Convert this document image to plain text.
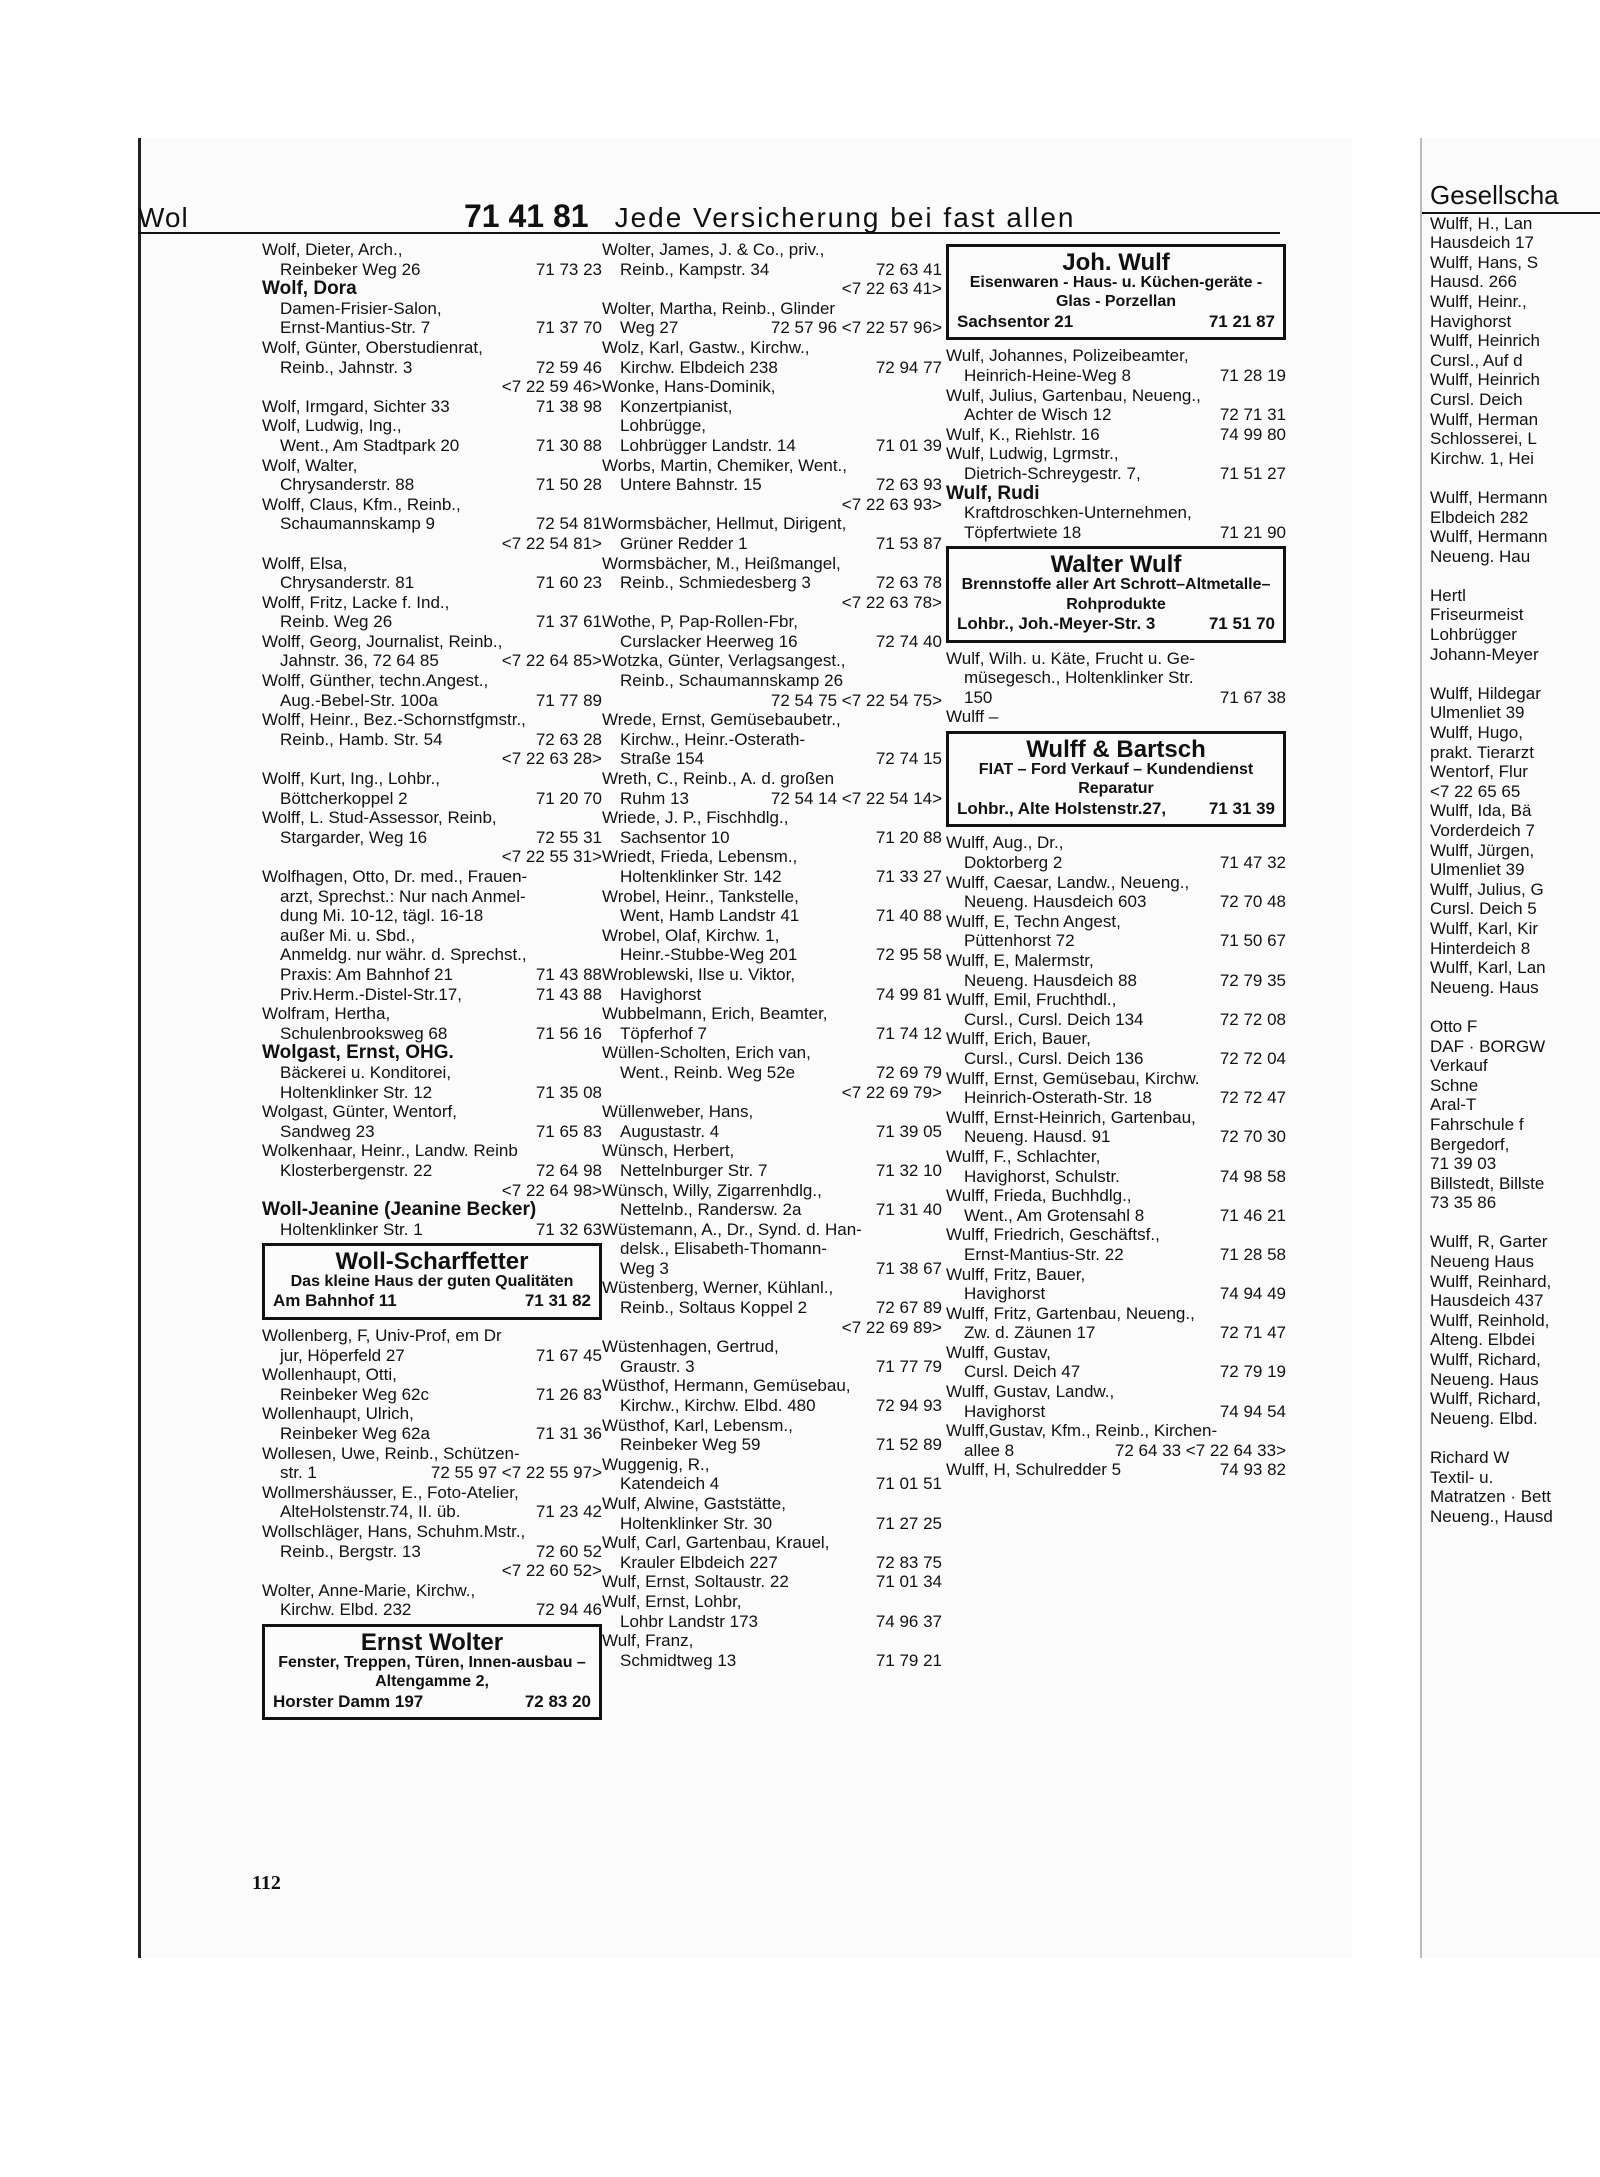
Wol	71 41 81 Jede Versicherung bei fast allen
Wolf, Dieter, Arch.,
Reinbeker Weg 26	71 73 23
Wolf, Dora
Damen-Frisier-Salon,
Ernst-Mantius-Str. 7	71 37 70
Wolf, Günter, Oberstudienrat,
Reinb., Jahnstr. 3	72 59 46
<7 22 59 46>
Wolf, Irmgard, Sichter 33	71 38 98
Wolf, Ludwig, Ing.,
Went., Am Stadtpark 20	71 30 88
Wolf, Walter,
Chrysanderstr. 88	71 50 28
Wolff, Claus, Kfm., Reinb.,
Schaumannskamp 9	72 54 81
<7 22 54 81>
Wolff, Elsa,
Chrysanderstr. 81	71 60 23
Wolff, Fritz, Lacke f. Ind.,
Reinb. Weg 26	71 37 61
Wolff, Georg, Journalist, Reinb.,
Jahnstr. 36, 72 64 85	<7 22 64 85>
Wolff, Günther, techn.Angest.,
Aug.-Bebel-Str. 100a	71 77 89
Wolff, Heinr., Bez.-Schornstfgmstr.,
Reinb., Hamb. Str. 54	72 63 28
<7 22 63 28>
Wolff, Kurt, Ing., Lohbr.,
Böttcherkoppel 2	71 20 70
Wolff, L. Stud-Assessor, Reinb,
Stargarder, Weg 16	72 55 31
<7 22 55 31>
Wolfhagen, Otto, Dr. med., Frauen-
arzt, Sprechst.: Nur nach Anmel-
dung Mi. 10-12, tägl. 16-18
außer Mi. u. Sbd.,
Anmeldg. nur währ. d. Sprechst.,
Praxis: Am Bahnhof 21	71 43 88
Priv.Herm.-Distel-Str.17,	71 43 88
Wolfram, Hertha,
Schulenbrooksweg 68	71 56 16
Wolgast, Ernst, OHG.
Bäckerei u. Konditorei,
Holtenklinker Str. 12	71 35 08
Wolgast, Günter, Wentorf,
Sandweg 23	71 65 83
Wolkenhaar, Heinr., Landw. Reinb
Klosterbergenstr. 22	72 64 98
<7 22 64 98>
Woll-Jeanine (Jeanine Becker)
Holtenklinker Str. 1	71 32 63
Woll-Scharffetter
Das kleine Haus der guten Qualitäten
Am Bahnhof 11	71 31 82
Wollenberg, F, Univ-Prof, em Dr
jur, Höperfeld 27	71 67 45
Wollenhaupt, Otti,
Reinbeker Weg 62c	71 26 83
Wollenhaupt, Ulrich,
Reinbeker Weg 62a	71 31 36
Wollesen, Uwe, Reinb., Schützen-
str. 1	72 55 97 <7 22 55 97>
Wollmershäusser, E., Foto-Atelier,
AlteHolstenstr.74, II. üb.	71 23 42
Wollschläger, Hans, Schuhm.Mstr.,
Reinb., Bergstr. 13	72 60 52
<7 22 60 52>
Wolter, Anne-Marie, Kirchw.,
Kirchw. Elbd. 232	72 94 46
Ernst Wolter
Fenster, Treppen, Türen, Innen-ausbau – Altengamme 2,
Horster Damm 197	72 83 20
Wolter, James, J. & Co., priv.,
Reinb., Kampstr. 34	72 63 41
<7 22 63 41>
Wolter, Martha, Reinb., Glinder
Weg 27	72 57 96 <7 22 57 96>
Wolz, Karl, Gastw., Kirchw.,
Kirchw. Elbdeich 238	72 94 77
Wonke, Hans-Dominik,
Konzertpianist,
Lohbrügge,
Lohbrügger Landstr. 14	71 01 39
Worbs, Martin, Chemiker, Went.,
Untere Bahnstr. 15	72 63 93
<7 22 63 93>
Wormsbächer, Hellmut, Dirigent,
Grüner Redder 1	71 53 87
Wormsbächer, M., Heißmangel,
Reinb., Schmiedesberg 3	72 63 78
<7 22 63 78>
Wothe, P, Pap-Rollen-Fbr,
Curslacker Heerweg 16	72 74 40
Wotzka, Günter, Verlagsangest.,
Reinb., Schaumannskamp 26
72 54 75 <7 22 54 75>
Wrede, Ernst, Gemüsebaubetr.,
Kirchw., Heinr.-Osterath-
Straße 154	72 74 15
Wreth, C., Reinb., A. d. großen
Ruhm 13	72 54 14 <7 22 54 14>
Wriede, J. P., Fischhdlg.,
Sachsentor 10	71 20 88
Wriedt, Frieda, Lebensm.,
Holtenklinker Str. 142	71 33 27
Wrobel, Heinr., Tankstelle,
Went, Hamb Landstr 41	71 40 88
Wrobel, Olaf, Kirchw. 1,
Heinr.-Stubbe-Weg 201	72 95 58
Wroblewski, Ilse u. Viktor,
Havighorst	74 99 81
Wubbelmann, Erich, Beamter,
Töpferhof 7	71 74 12
Wüllen-Scholten, Erich van,
Went., Reinb. Weg 52e	72 69 79
<7 22 69 79>
Wüllenweber, Hans,
Augustastr. 4	71 39 05
Wünsch, Herbert,
Nettelnburger Str. 7	71 32 10
Wünsch, Willy, Zigarrenhdlg.,
Nettelnb., Randersw. 2a	71 31 40
Wüstemann, A., Dr., Synd. d. Han-
delsk., Elisabeth-Thomann-
Weg 3	71 38 67
Wüstenberg, Werner, Kühlanl.,
Reinb., Soltaus Koppel 2	72 67 89
<7 22 69 89>
Wüstenhagen, Gertrud,
Graustr. 3	71 77 79
Wüsthof, Hermann, Gemüsebau,
Kirchw., Kirchw. Elbd. 480	72 94 93
Wüsthof, Karl, Lebensm.,
Reinbeker Weg 59	71 52 89
Wuggenig, R.,
Katendeich 4	71 01 51
Wulf, Alwine, Gaststätte,
Holtenklinker Str. 30	71 27 25
Wulf, Carl, Gartenbau, Krauel,
Krauler Elbdeich 227	72 83 75
Wulf, Ernst, Soltaustr. 22	71 01 34
Wulf, Ernst, Lohbr,
Lohbr Landstr 173	74 96 37
Wulf, Franz,
Schmidtweg 13	71 79 21
Joh. Wulf
Eisenwaren - Haus- u. Küchen-geräte - Glas - Porzellan
Sachsentor 21	71 21 87
Wulf, Johannes, Polizeibeamter,
Heinrich-Heine-Weg 8	71 28 19
Wulf, Julius, Gartenbau, Neueng.,
Achter de Wisch 12	72 71 31
Wulf, K., Riehlstr. 16	74 99 80
Wulf, Ludwig, Lgrmstr.,
Dietrich-Schreygestr. 7,	71 51 27
Wulf, Rudi
Kraftdroschken-Unternehmen,
Töpfertwiete 18	71 21 90
Walter Wulf
Brennstoffe aller Art Schrott–Altmetalle–Rohprodukte
Lohbr., Joh.-Meyer-Str. 3	71 51 70
Wulf, Wilh. u. Käte, Frucht u. Ge-
müsegesch., Holtenklinker Str.
150	71 67 38
Wulff –
Wulff & Bartsch
FIAT – Ford Verkauf – Kundendienst Reparatur
Lohbr., Alte Holstenstr.27,	71 31 39
Wulff, Aug., Dr.,
Doktorberg 2	71 47 32
Wulff, Caesar, Landw., Neueng.,
Neueng. Hausdeich 603	72 70 48
Wulff, E, Techn Angest,
Püttenhorst 72	71 50 67
Wulff, E, Malermstr,
Neueng. Hausdeich 88	72 79 35
Wulff, Emil, Fruchthdl.,
Cursl., Cursl. Deich 134	72 72 08
Wulff, Erich, Bauer,
Cursl., Cursl. Deich 136	72 72 04
Wulff, Ernst, Gemüsebau, Kirchw.
Heinrich-Osterath-Str. 18	72 72 47
Wulff, Ernst-Heinrich, Gartenbau,
Neueng. Hausd. 91	72 70 30
Wulff, F., Schlachter,
Havighorst, Schulstr.	74 98 58
Wulff, Frieda, Buchhdlg.,
Went., Am Grotensahl 8	71 46 21
Wulff, Friedrich, Geschäftsf.,
Ernst-Mantius-Str. 22	71 28 58
Wulff, Fritz, Bauer,
Havighorst	74 94 49
Wulff, Fritz, Gartenbau, Neueng.,
Zw. d. Zäunen 17	72 71 47
Wulff, Gustav,
Cursl. Deich 47	72 79 19
Wulff, Gustav, Landw.,
Havighorst	74 94 54
Wulff,Gustav, Kfm., Reinb., Kirchen-
allee 8	72 64 33 <7 22 64 33>
Wulff, H, Schulredder 5	74 93 82
Gesellscha
Wulff, H., Lan
Hausdeich 17
Wulff, Hans, S
Hausd. 266
Wulff, Heinr.,
Havighorst
Wulff, Heinrich
Cursl., Auf d
Wulff, Heinrich
Cursl. Deich
Wulff, Herman
Schlosserei, L
Kirchw. 1, Hei

Wulff, Hermann
Elbdeich 282
Wulff, Hermann
Neueng. Hau

Hertl
Friseurmeist
Lohbrügger
Johann-Meyer

Wulff, Hildegar
Ulmenliet 39
Wulff, Hugo,
prakt. Tierarzt
Wentorf, Flur
<7 22 65 65
Wulff, Ida, Bä
Vorderdeich 7
Wulff, Jürgen,
Ulmenliet 39
Wulff, Julius, G
Cursl. Deich 5
Wulff, Karl, Kir
Hinterdeich 8
Wulff, Karl, Lan
Neueng. Haus

Otto F
DAF · BORGW
Verkauf
Schne
Aral-T
Fahrschule f
Bergedorf,
71 39 03
Billstedt, Billste
73 35 86

Wulff, R, Garter
Neueng Haus
Wulff, Reinhard,
Hausdeich 437
Wulff, Reinhold,
Alteng. Elbdei
Wulff, Richard,
Neueng. Haus
Wulff, Richard,
Neueng. Elbd.

Richard W
Textil- u.
Matratzen · Bett
Neueng., Hausd
112
